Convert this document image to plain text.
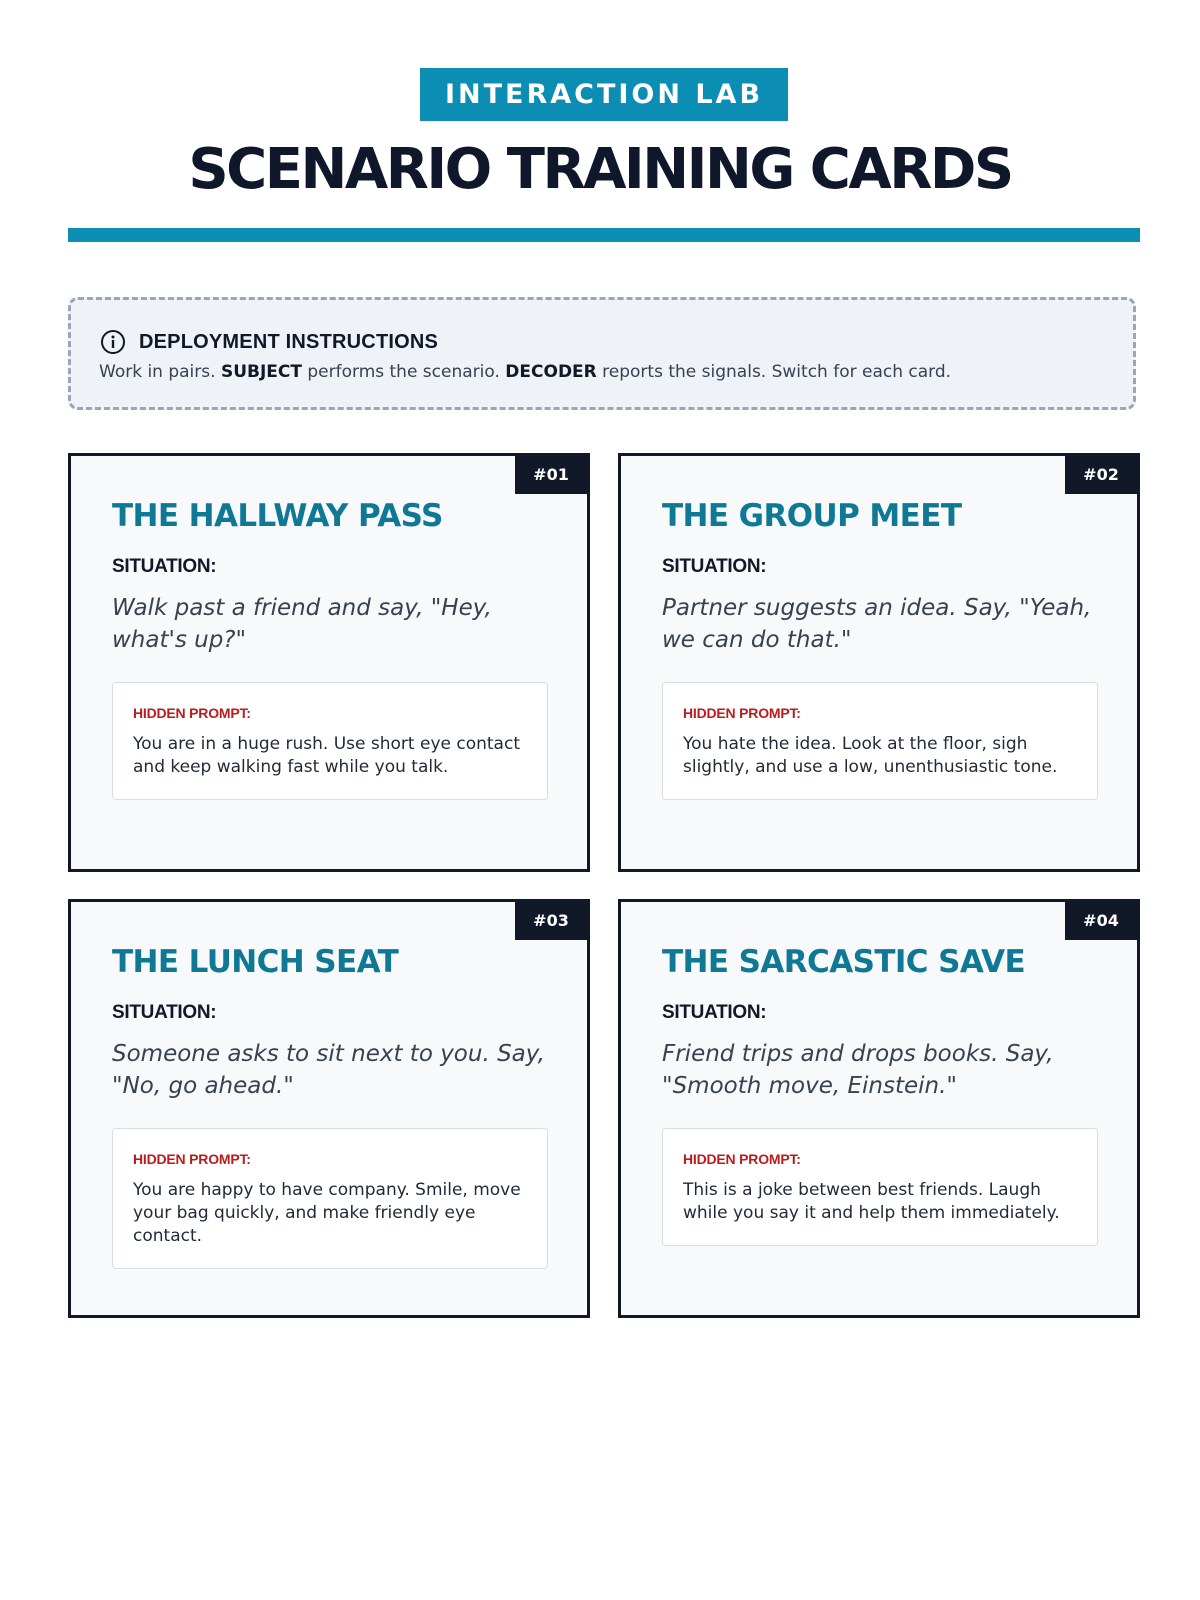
INTERACTION LAB
SCENARIO TRAINING CARDS
DEPLOYMENT INSTRUCTIONS
Work in pairs. SUBJECT performs the scenario. DECODER reports the signals. Switch for each card.
#01
THE HALLWAY PASS
SITUATION:
Walk past a friend and say, "Hey, what's up?"
HIDDEN PROMPT:
You are in a huge rush. Use short eye contact and keep walking fast while you talk.
#02
THE GROUP MEET
SITUATION:
Partner suggests an idea. Say, "Yeah, we can do that."
HIDDEN PROMPT:
You hate the idea. Look at the floor, sigh slightly, and use a low, unenthusiastic tone.
#03
THE LUNCH SEAT
SITUATION:
Someone asks to sit next to you. Say, "No, go ahead."
HIDDEN PROMPT:
You are happy to have company. Smile, move your bag quickly, and make friendly eye contact.
#04
THE SARCASTIC SAVE
SITUATION:
Friend trips and drops books. Say, "Smooth move, Einstein."
HIDDEN PROMPT:
This is a joke between best friends. Laugh while you say it and help them immediately.
